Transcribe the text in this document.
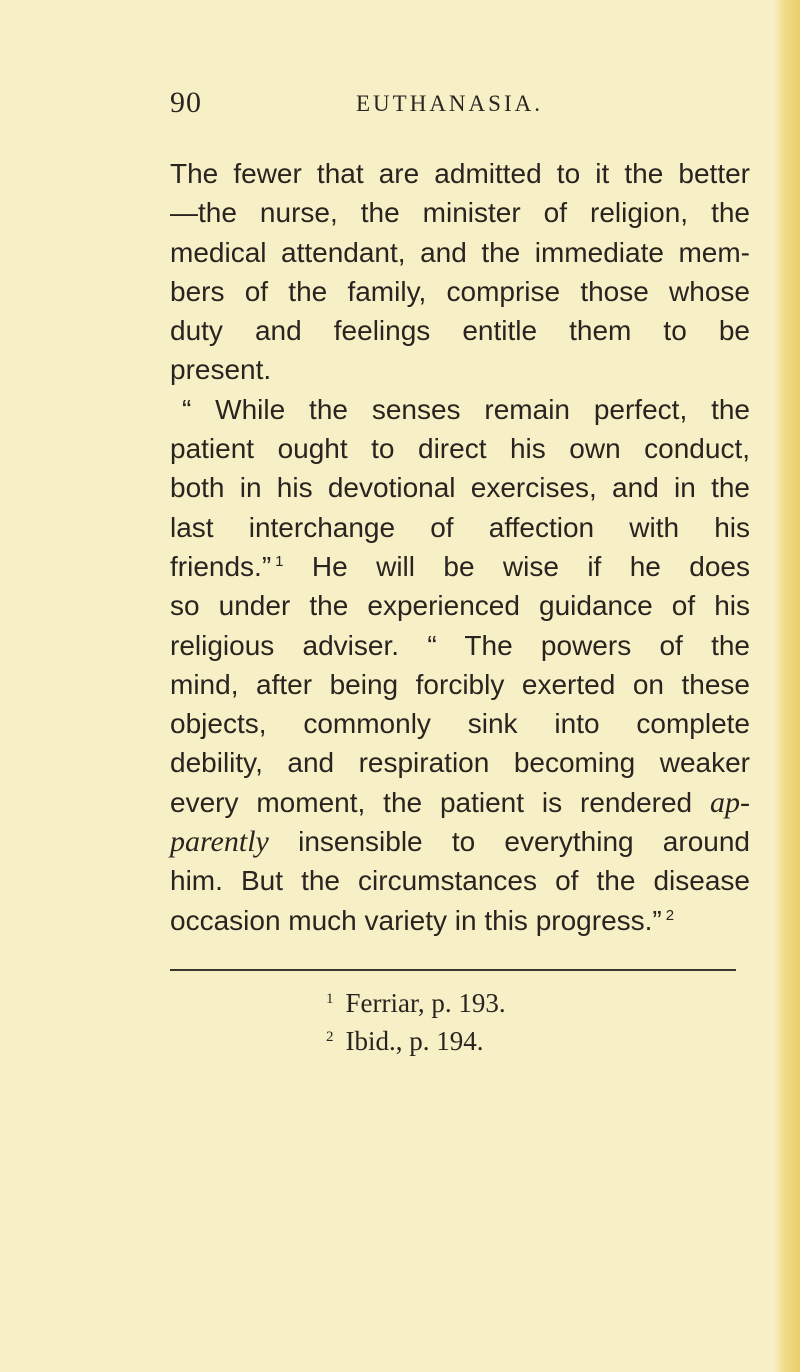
90	EUTHANASIA.
The fewer that are admitted to it the better
—the nurse, the minister of religion, the
medical attendant, and the immediate mem-
bers of the family, comprise those whose
duty and feelings entitle them to be
present.
“ While the senses remain perfect, the
patient ought to direct his own conduct,
both in his devotional exercises, and in the
last interchange of affection with his
friends.” $^1$ He will be wise if he does
so under the experienced guidance of his
religious adviser. “ The powers of the
mind, after being forcibly exerted on these
objects, commonly sink into complete
debility, and respiration becoming weaker
every moment, the patient is rendered ap-
parently insensible to everything around
him. But the circumstances of the disease
occasion much variety in this progress.” $^2$
$^1$ Ferriar, p. 193.
$^2$ Ibid., p. 194.
